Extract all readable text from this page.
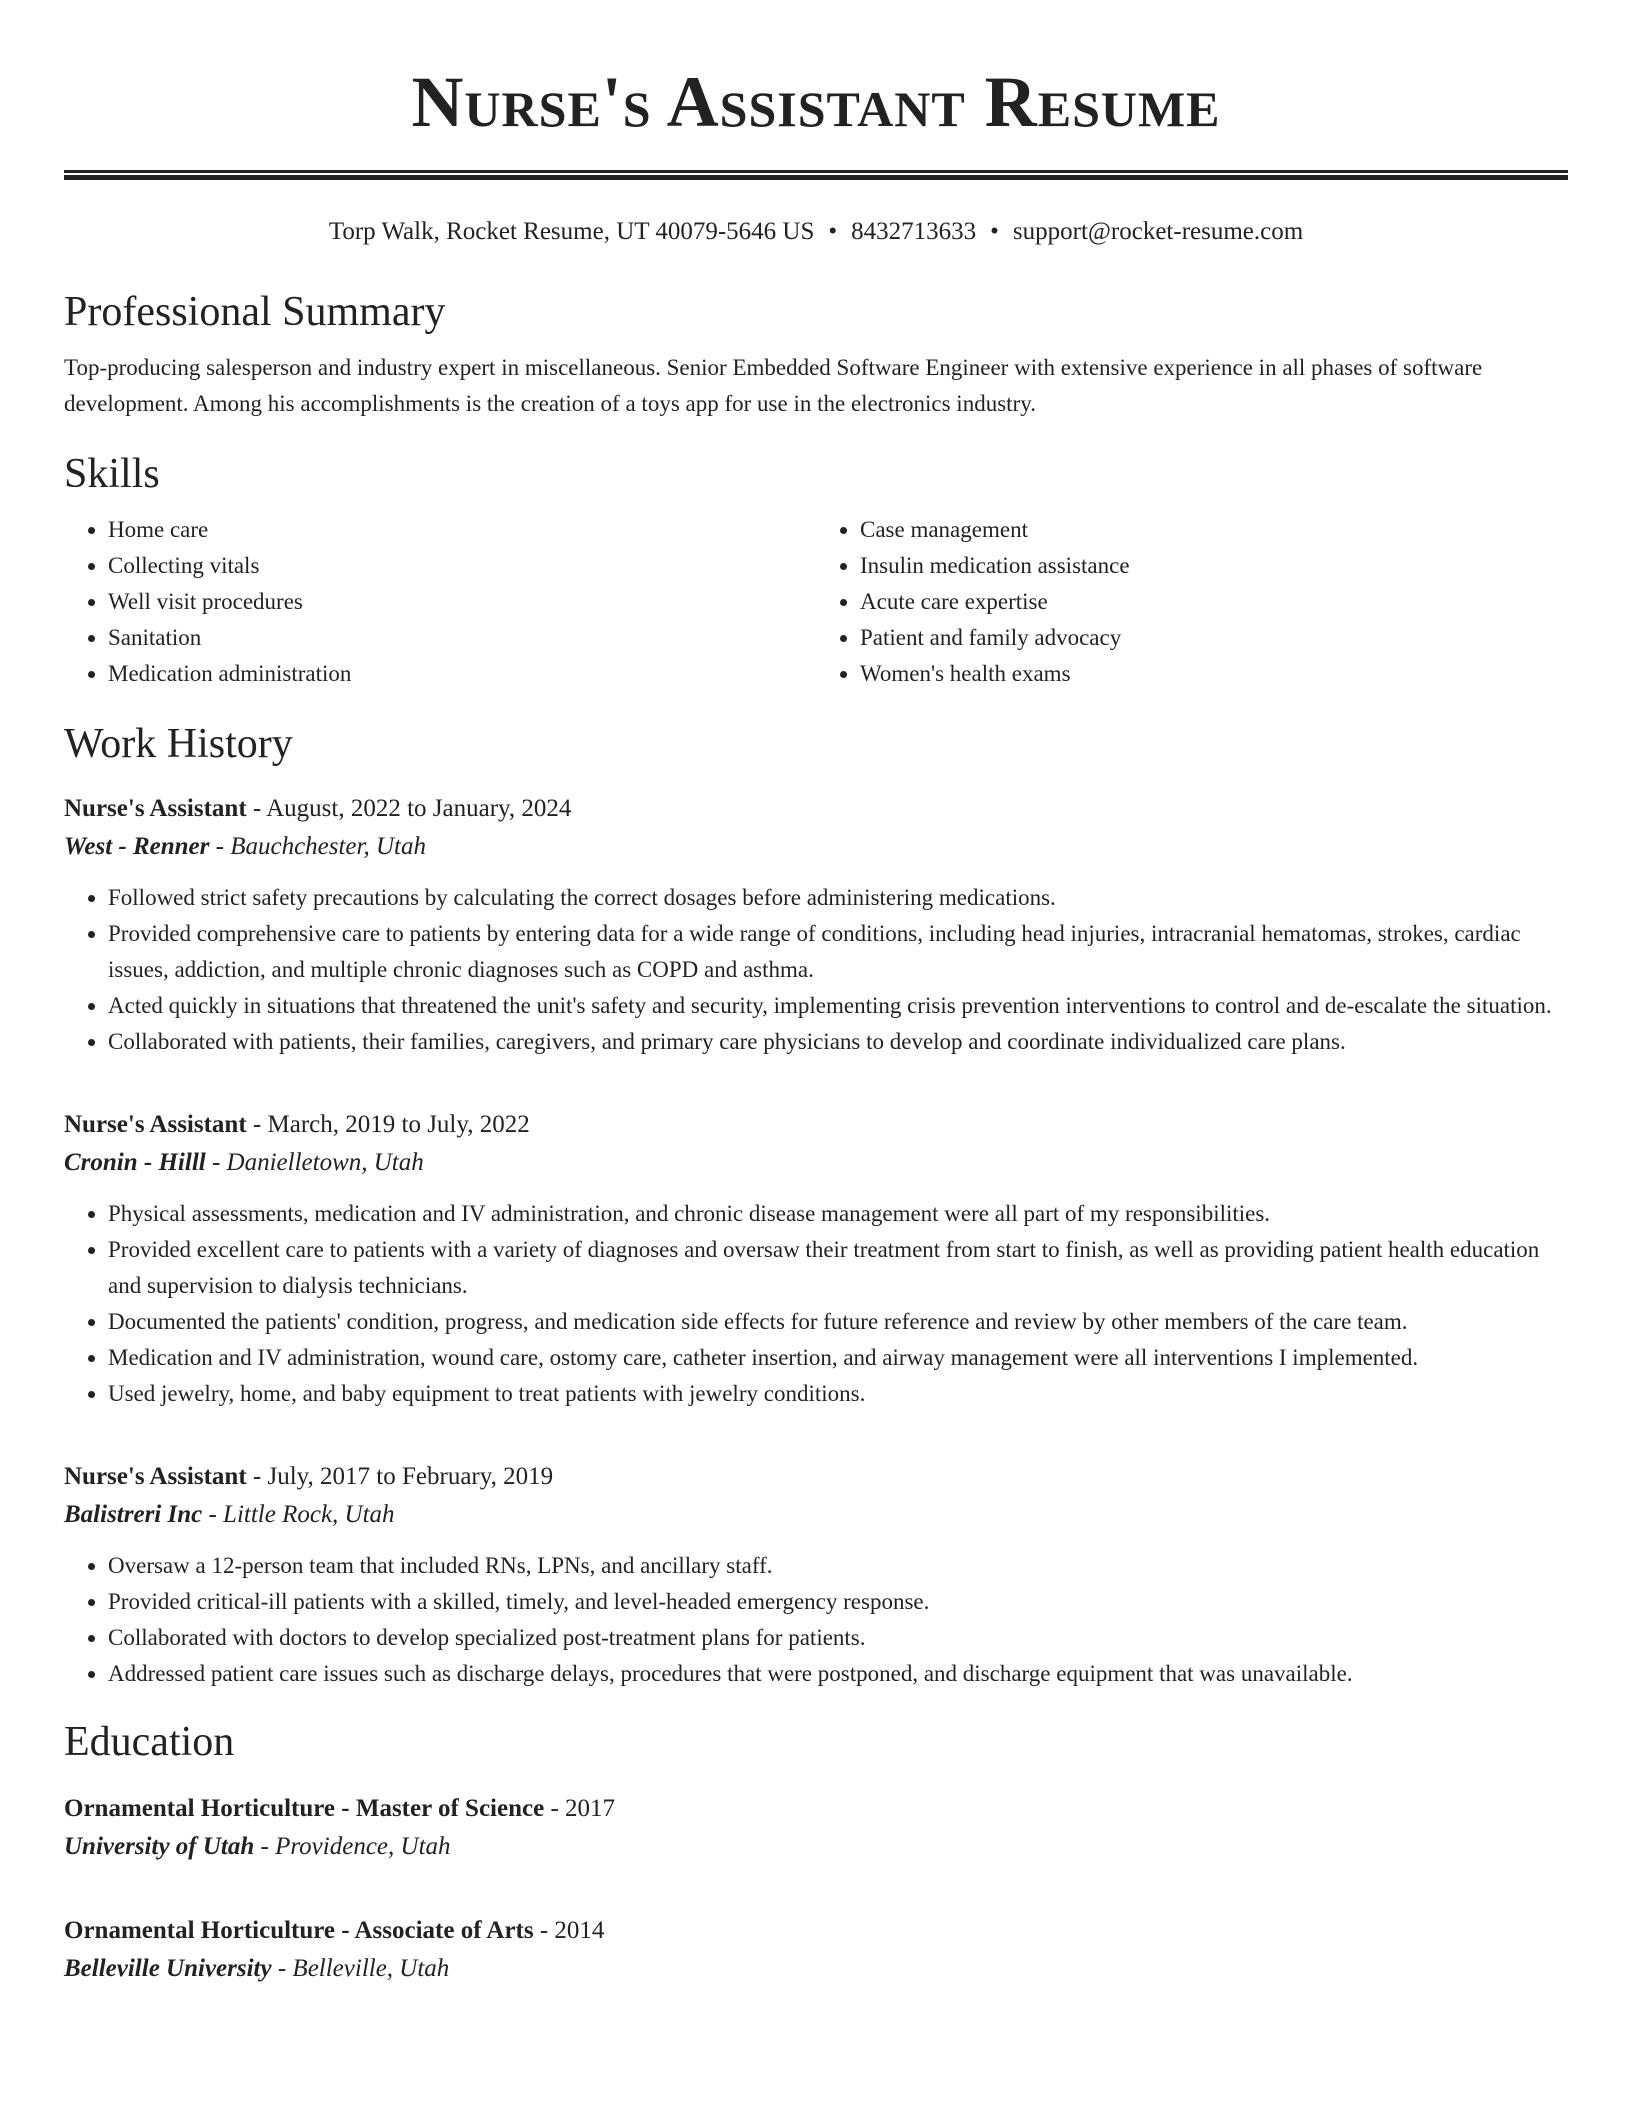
Nurse's Assistant Resume
Torp Walk, Rocket Resume, UT 40079-5646 US • 8432713633 • support@rocket-resume.com
Professional Summary
Top-producing salesperson and industry expert in miscellaneous. Senior Embedded Software Engineer with extensive experience in all phases of software development. Among his accomplishments is the creation of a toys app for use in the electronics industry.
Skills
• Home care
• Collecting vitals
• Well visit procedures
• Sanitation
• Medication administration
• Case management
• Insulin medication assistance
• Acute care expertise
• Patient and family advocacy
• Women's health exams
Work History
Nurse's Assistant - August, 2022 to January, 2024
West - Renner - Bauchchester, Utah
• Followed strict safety precautions by calculating the correct dosages before administering medications.
• Provided comprehensive care to patients by entering data for a wide range of conditions, including head injuries, intracranial hematomas, strokes, cardiac issues, addiction, and multiple chronic diagnoses such as COPD and asthma.
• Acted quickly in situations that threatened the unit's safety and security, implementing crisis prevention interventions to control and de-escalate the situation.
• Collaborated with patients, their families, caregivers, and primary care physicians to develop and coordinate individualized care plans.
Nurse's Assistant - March, 2019 to July, 2022
Cronin - Hilll - Danielletown, Utah
• Physical assessments, medication and IV administration, and chronic disease management were all part of my responsibilities.
• Provided excellent care to patients with a variety of diagnoses and oversaw their treatment from start to finish, as well as providing patient health education and supervision to dialysis technicians.
• Documented the patients' condition, progress, and medication side effects for future reference and review by other members of the care team.
• Medication and IV administration, wound care, ostomy care, catheter insertion, and airway management were all interventions I implemented.
• Used jewelry, home, and baby equipment to treat patients with jewelry conditions.
Nurse's Assistant - July, 2017 to February, 2019
Balistreri Inc - Little Rock, Utah
• Oversaw a 12-person team that included RNs, LPNs, and ancillary staff.
• Provided critical-ill patients with a skilled, timely, and level-headed emergency response.
• Collaborated with doctors to develop specialized post-treatment plans for patients.
• Addressed patient care issues such as discharge delays, procedures that were postponed, and discharge equipment that was unavailable.
Education
Ornamental Horticulture - Master of Science - 2017
University of Utah - Providence, Utah
Ornamental Horticulture - Associate of Arts - 2014
Belleville University - Belleville, Utah
